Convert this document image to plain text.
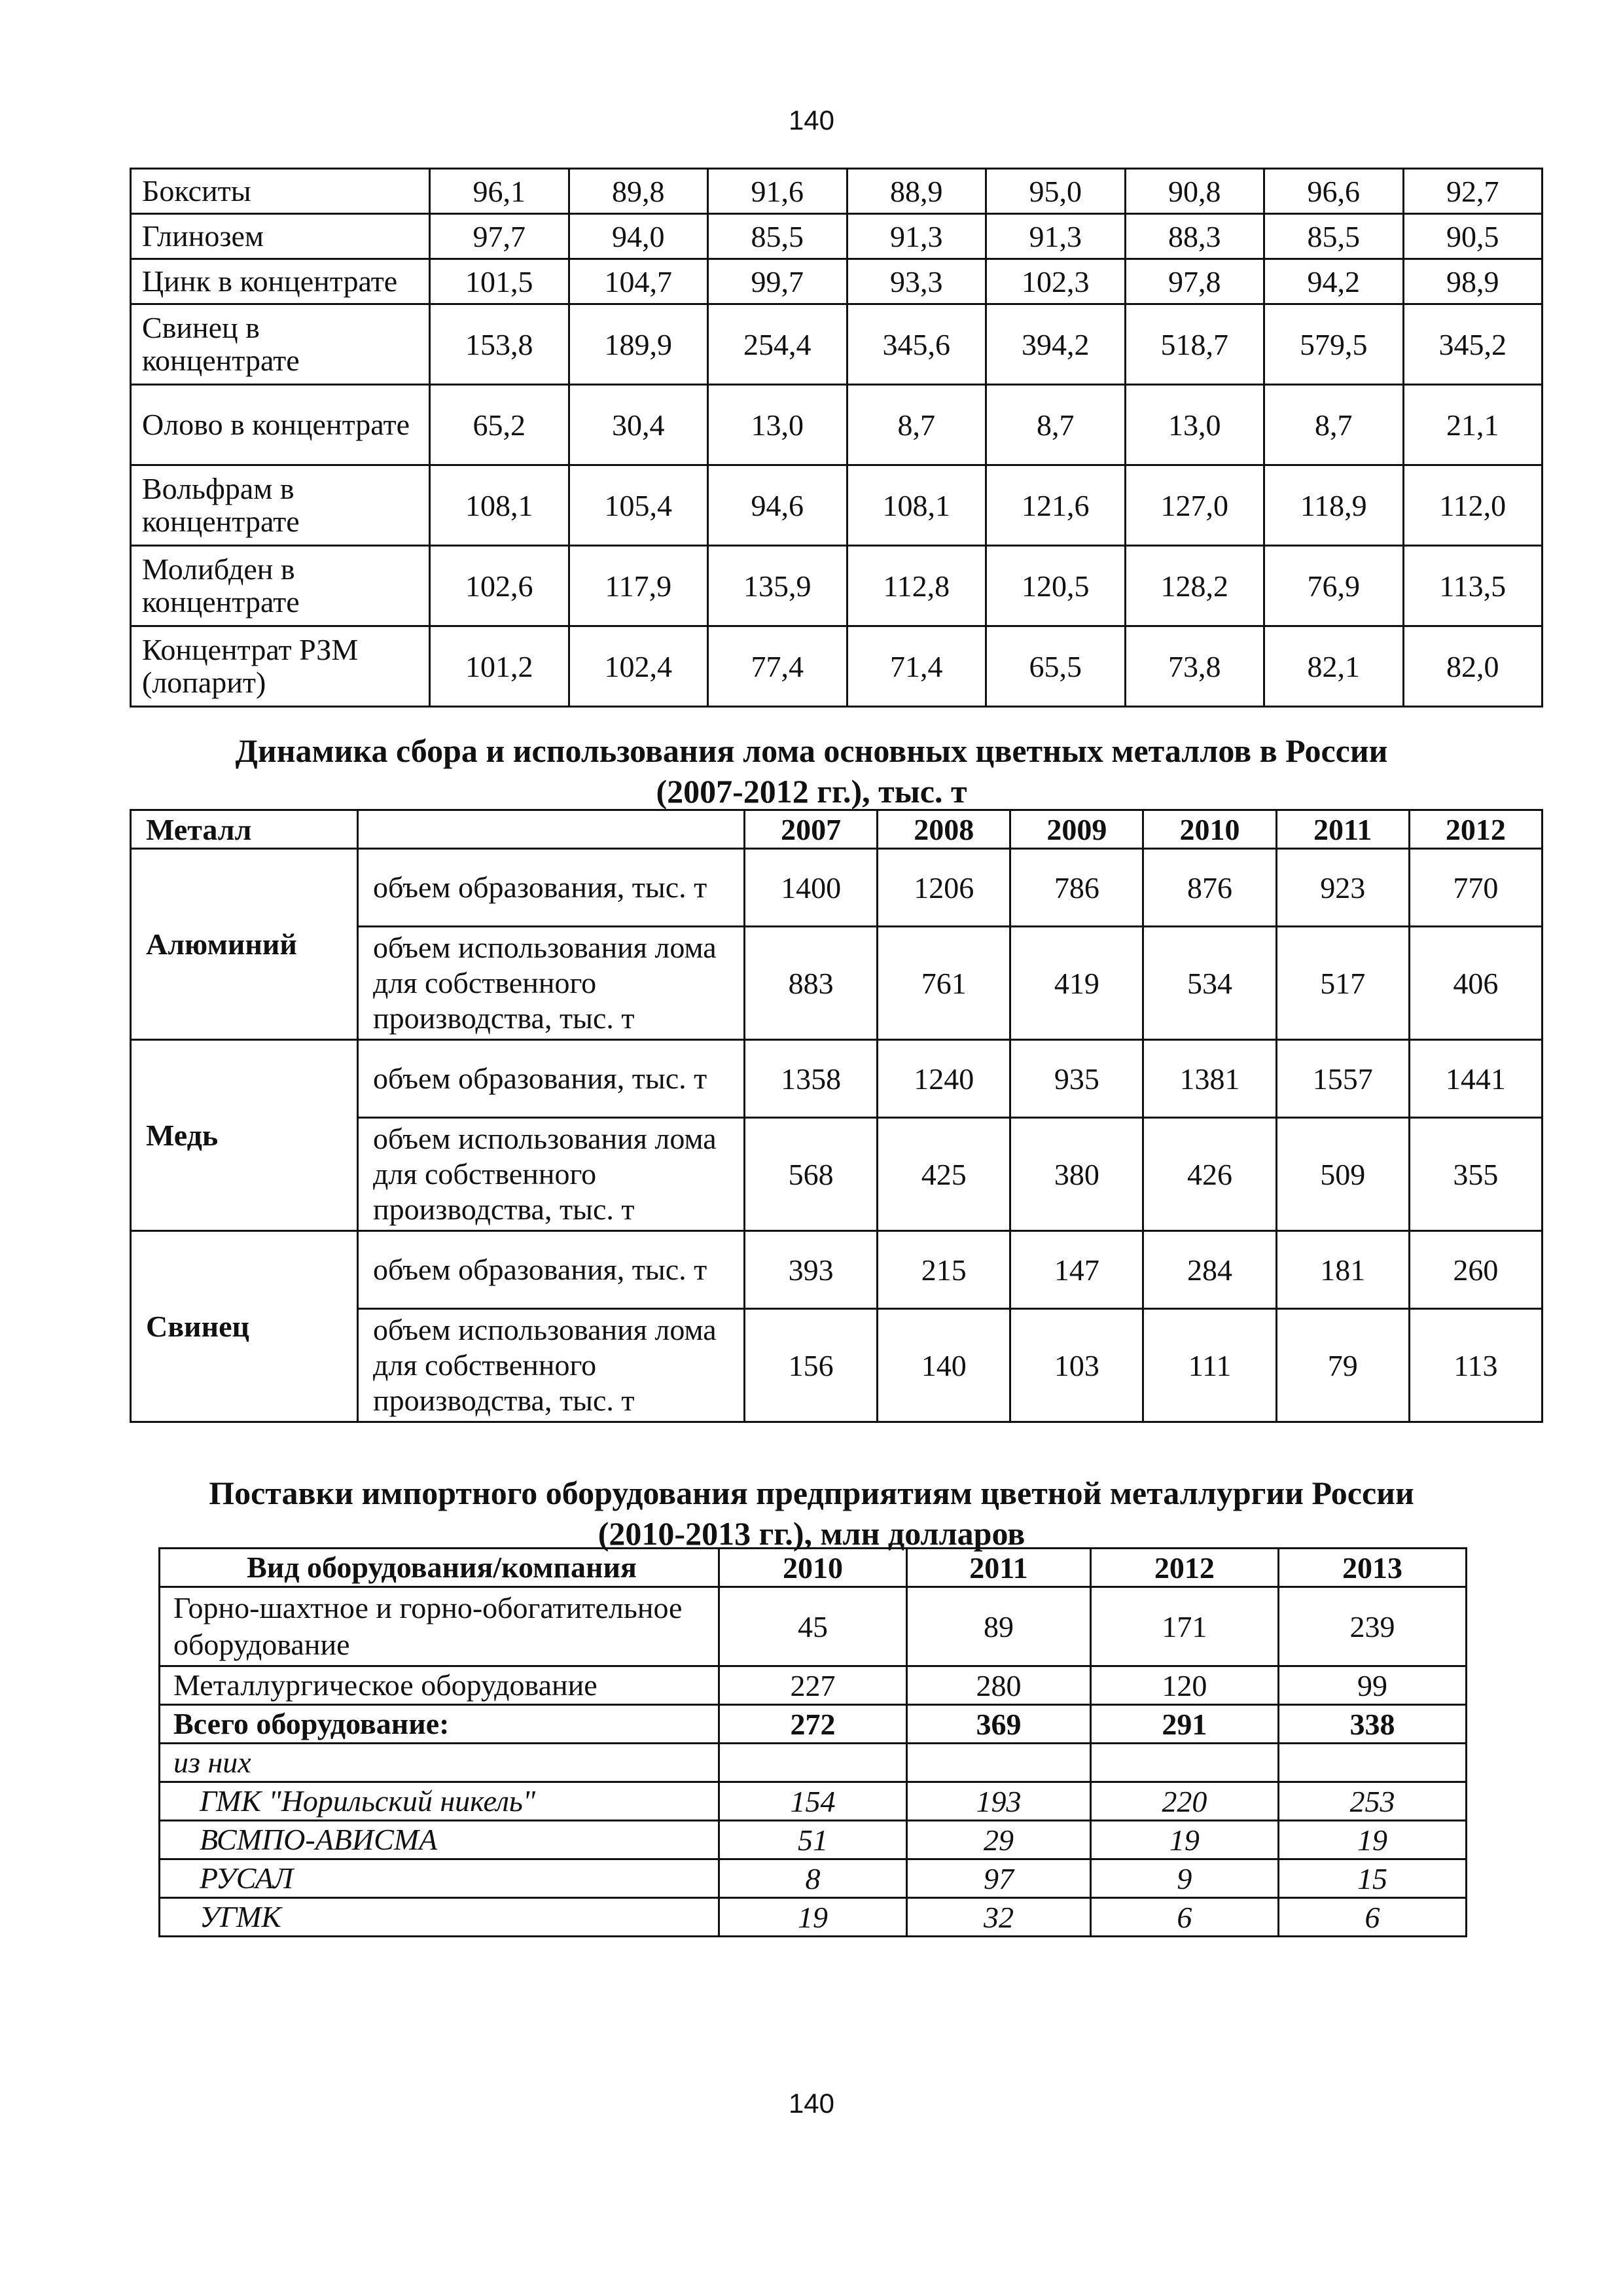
140
Бокситы	96,1	89,8	91,6	88,9	95,0	90,8	96,6	92,7
Глинозем	97,7	94,0	85,5	91,3	91,3	88,3	85,5	90,5
Цинк в концентрате	101,5	104,7	99,7	93,3	102,3	97,8	94,2	98,9
Свинец в концентрате	153,8	189,9	254,4	345,6	394,2	518,7	579,5	345,2
Олово в концентрате	65,2	30,4	13,0	8,7	8,7	13,0	8,7	21,1
Вольфрам в концентрате	108,1	105,4	94,6	108,1	121,6	127,0	118,9	112,0
Молибден в концентрате	102,6	117,9	135,9	112,8	120,5	128,2	76,9	113,5
Концентрат РЗМ (лопарит)	101,2	102,4	77,4	71,4	65,5	73,8	82,1	82,0
Динамика сбора и использования лома основных цветных металлов в России (2007-2012 гг.), тыс. т
Металл		2007	2008	2009	2010	2011	2012
Алюминий	объем образования, тыс. т	1400	1206	786	876	923	770
	объем использования лома для собственного производства, тыс. т	883	761	419	534	517	406
Медь	объем образования, тыс. т	1358	1240	935	1381	1557	1441
	объем использования лома для собственного производства, тыс. т	568	425	380	426	509	355
Свинец	объем образования, тыс. т	393	215	147	284	181	260
	объем использования лома для собственного производства, тыс. т	156	140	103	111	79	113
Поставки импортного оборудования предприятиям цветной металлургии России (2010-2013 гг.), млн долларов
Вид оборудования/компания	2010	2011	2012	2013
Горно-шахтное и горно-обогатительное оборудование	45	89	171	239
Металлургическое оборудование	227	280	120	99
Всего оборудование:	272	369	291	338
из них				
ГМК "Норильский никель"	154	193	220	253
ВСМПО-АВИСМА	51	29	19	19
РУСАЛ	8	97	9	15
УГМК	19	32	6	6
140
